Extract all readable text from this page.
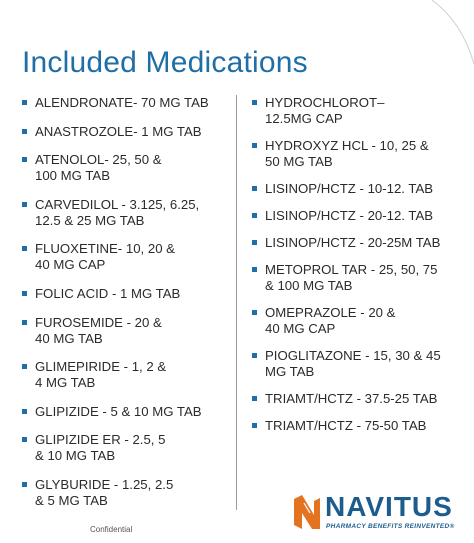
Included Medications
ALENDRONATE- 70 MG TAB
ANASTROZOLE- 1 MG TAB
ATENOLOL- 25, 50 &
100 MG TAB
CARVEDILOL - 3.125, 6.25,
12.5 & 25 MG TAB
FLUOXETINE- 10, 20 &
40 MG CAP
FOLIC ACID - 1 MG TAB
FUROSEMIDE - 20 &
40 MG TAB
GLIMEPIRIDE - 1, 2 &
4 MG TAB
GLIPIZIDE - 5 & 10 MG TAB
GLIPIZIDE ER - 2.5, 5
& 10 MG TAB
GLYBURIDE - 1.25, 2.5
& 5 MG TAB
HYDROCHLOROT–
12.5MG CAP
HYDROXYZ HCL - 10, 25 &
50 MG TAB
LISINOP/HCTZ - 10-12. TAB
LISINOP/HCTZ - 20-12. TAB
LISINOP/HCTZ - 20-25M TAB
METOPROL TAR - 25, 50, 75
& 100 MG TAB
OMEPRAZOLE - 20 &
40 MG CAP
PIOGLITAZONE - 15, 30 & 45
MG TAB
TRIAMT/HCTZ - 37.5-25 TAB
TRIAMT/HCTZ - 75-50 TAB
Confidential
NAVITUS
PHARMACY BENEFITS REINVENTED®
